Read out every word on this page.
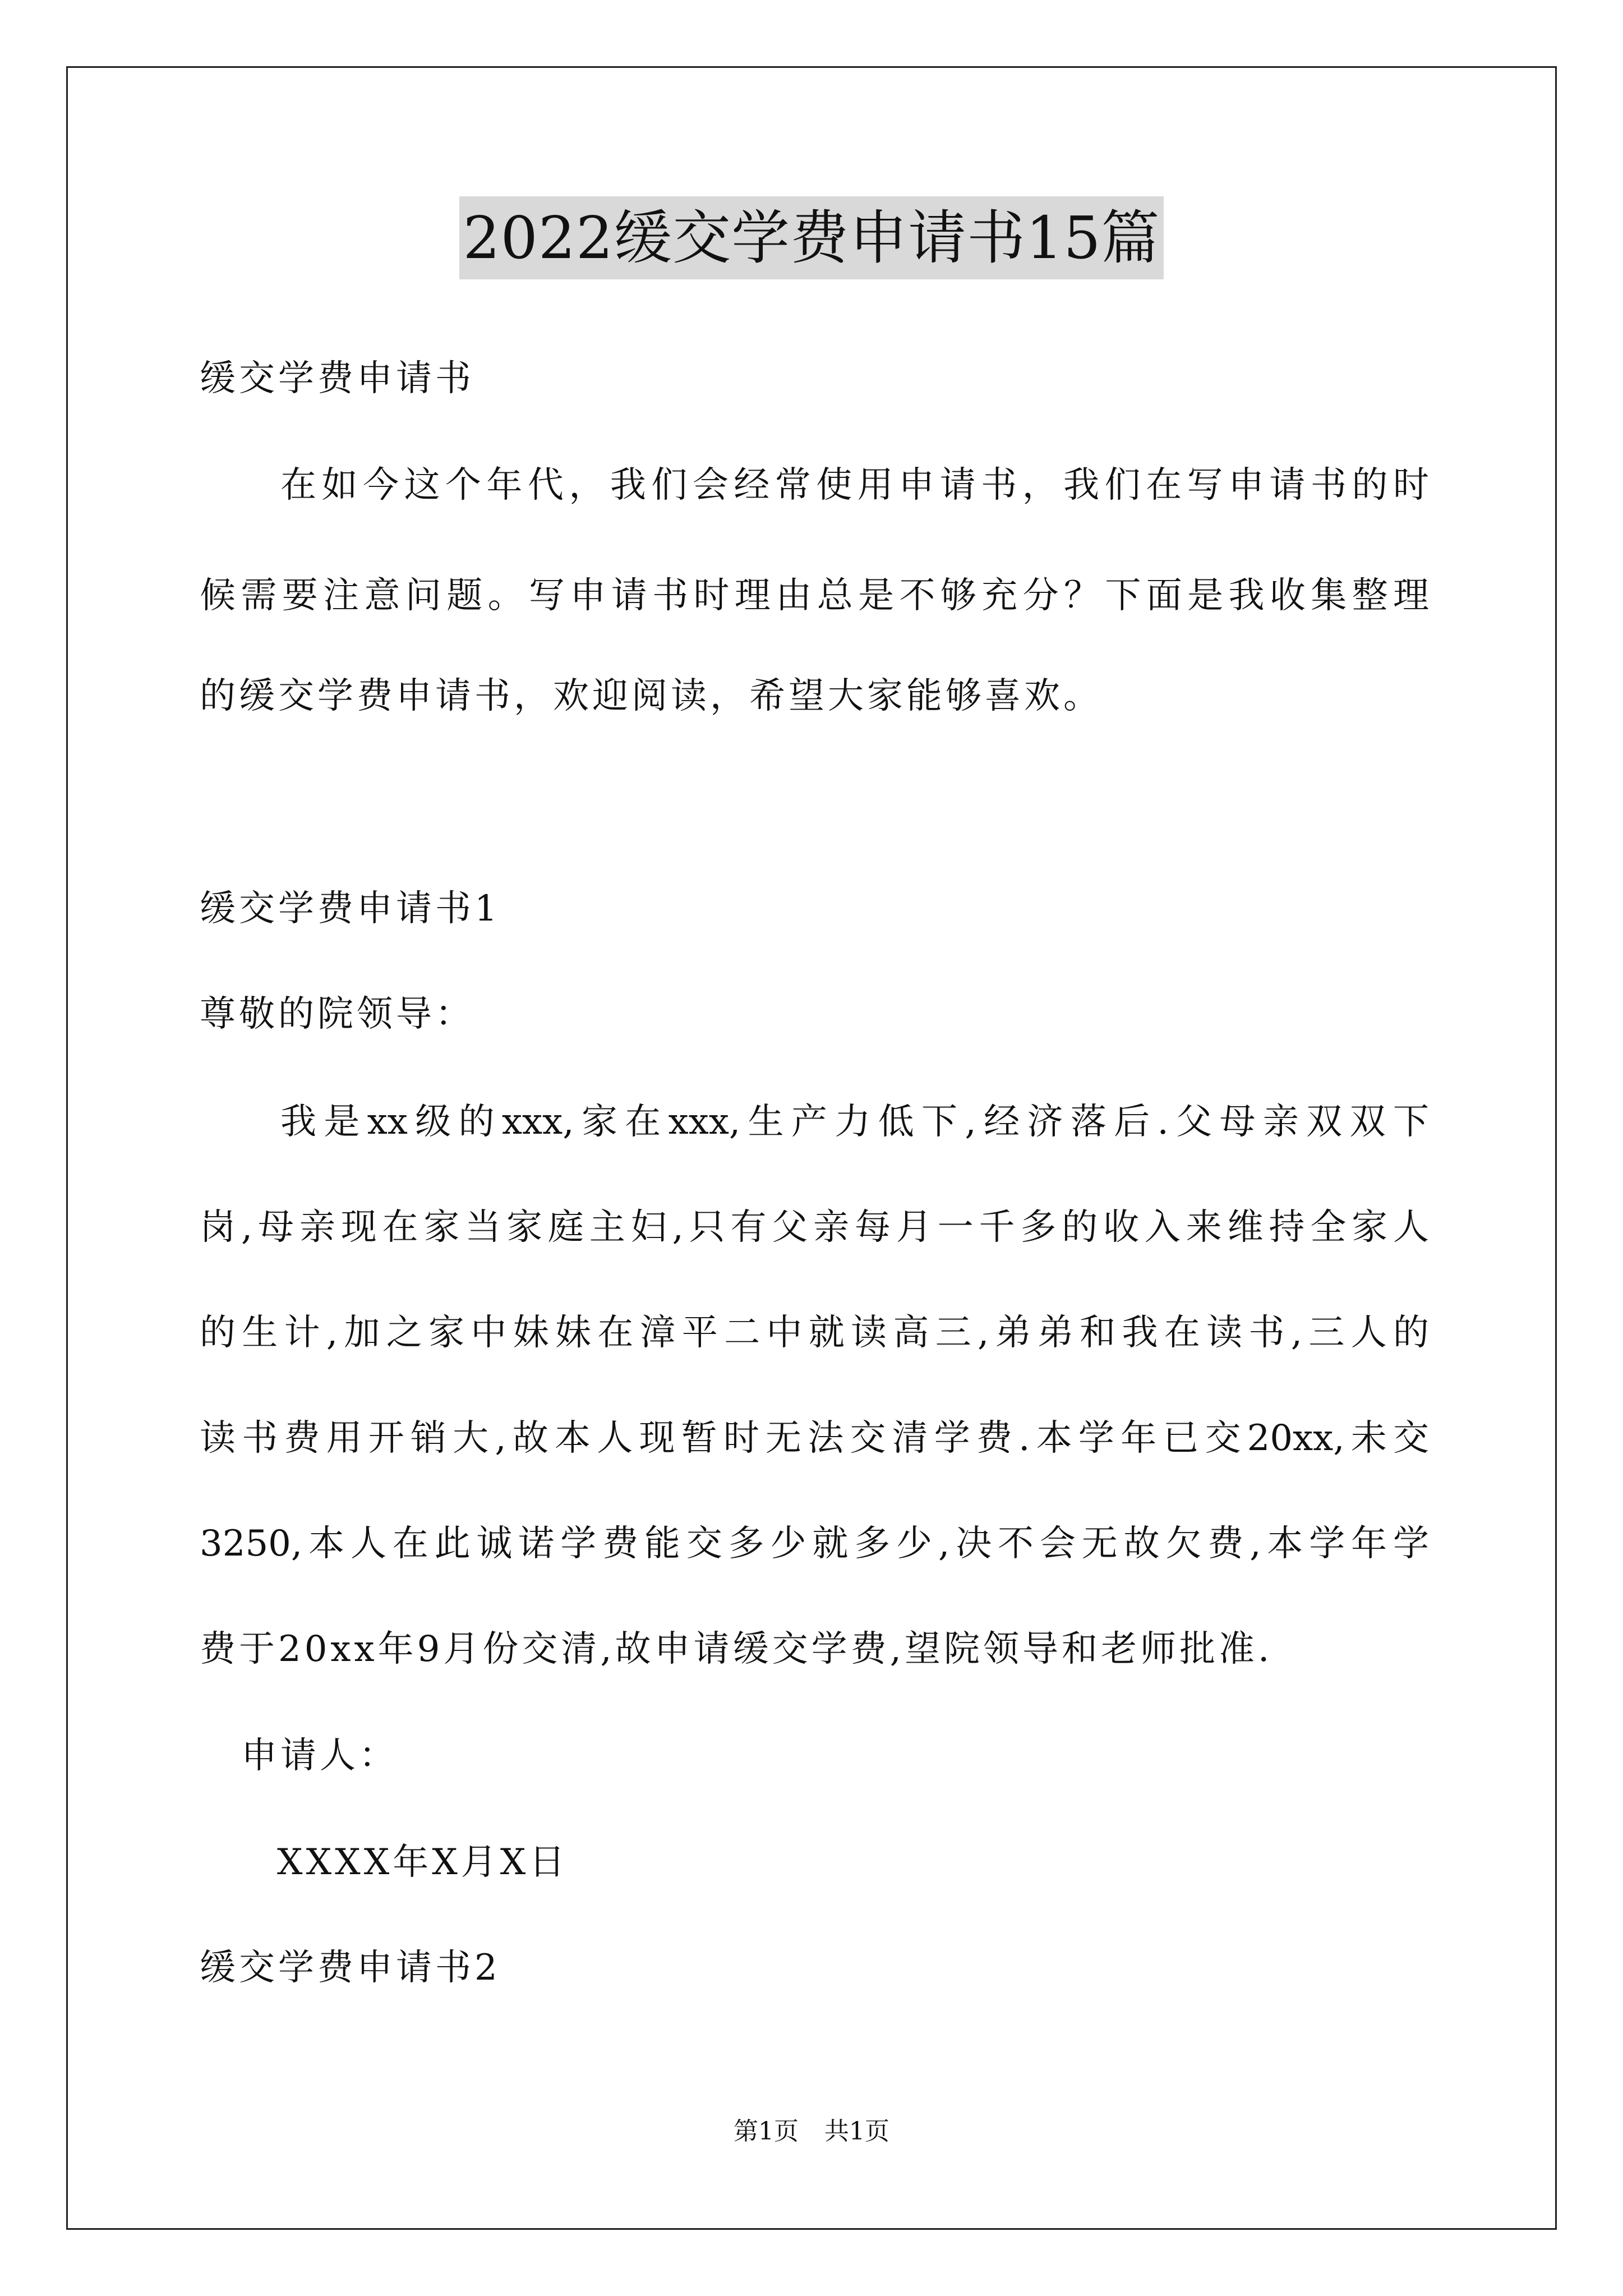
2022缓交学费申请书15篇
缓交学费申请书
在如今这个年代，我们会经常使用申请书，我们在写申请书的时
候需要注意问题。写申请书时理由总是不够充分？下面是我收集整理
的缓交学费申请书，欢迎阅读，希望大家能够喜欢。
缓交学费申请书1
尊敬的院领导：
我是xx级的xxx,家在xxx,生产力低下,经济落后.父母亲双双下
岗,母亲现在家当家庭主妇,只有父亲每月一千多的收入来维持全家人
的生计,加之家中妹妹在漳平二中就读高三,弟弟和我在读书,三人的
读书费用开销大,故本人现暂时无法交清学费.本学年已交20xx,未交
3250,本人在此诚诺学费能交多少就多少,决不会无故欠费,本学年学
费于20xx年9月份交清,故申请缓交学费,望院领导和老师批准.
申请人：
XXXX年X月X日
缓交学费申请书2
第1页 共1页
